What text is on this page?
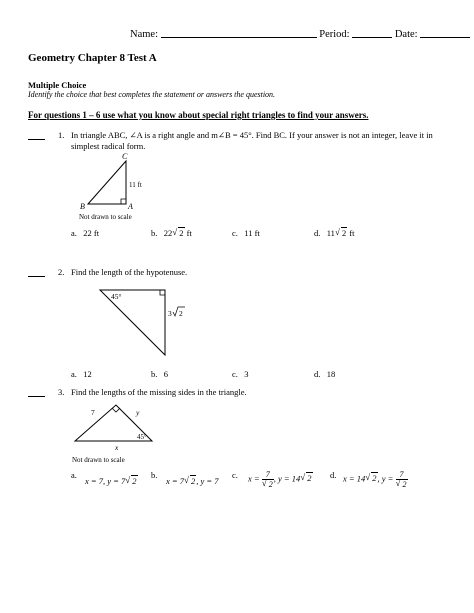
Name:	Period:	Date:
Geometry Chapter 8 Test A
Multiple Choice
Identify the choice that best completes the statement or answers the question.
For questions 1 – 6 use what you know about special right triangles to find your answers.
1. In triangle ABC, ∠A is a right angle and m∠B = 45°. Find BC. If your answer is not an integer, leave it in
simplest radical form.
C
B	A
11 ft
Not drawn to scale
a. 22 ft	b. 22 √ 2 ft	c. 11 ft	d. 11 √ 2 ft
2. Find the length of the hypotenuse.
45°
3 2
a. 12	b. 6	c. 3	d. 18
3. Find the lengths of the missing sides in the triangle.
7	y
45°
x
Not drawn to scale
a.
x = 7, y = 7 √ 2
b.
x = 7 √ 2, y = 7
c. $x = \frac{7}{√ 2}$ , y = 14 √ 2 d. x = 14 √ 2, $y = \frac{7}{√ 2}$
